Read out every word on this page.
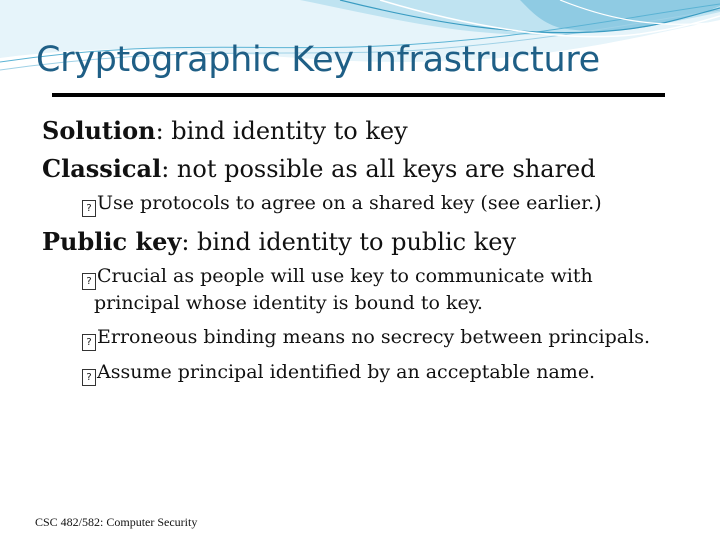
Cryptographic Key Infrastructure
Solution: bind identity to key
Classical: not possible as all keys are shared
? Use protocols to agree on a shared key (see earlier.)
Public key: bind identity to public key
? Crucial as people will use key to communicate with
principal whose identity is bound to key.
? Erroneous binding means no secrecy between principals.
? Assume principal identified by an acceptable name.
CSC 482/582: Computer Security
